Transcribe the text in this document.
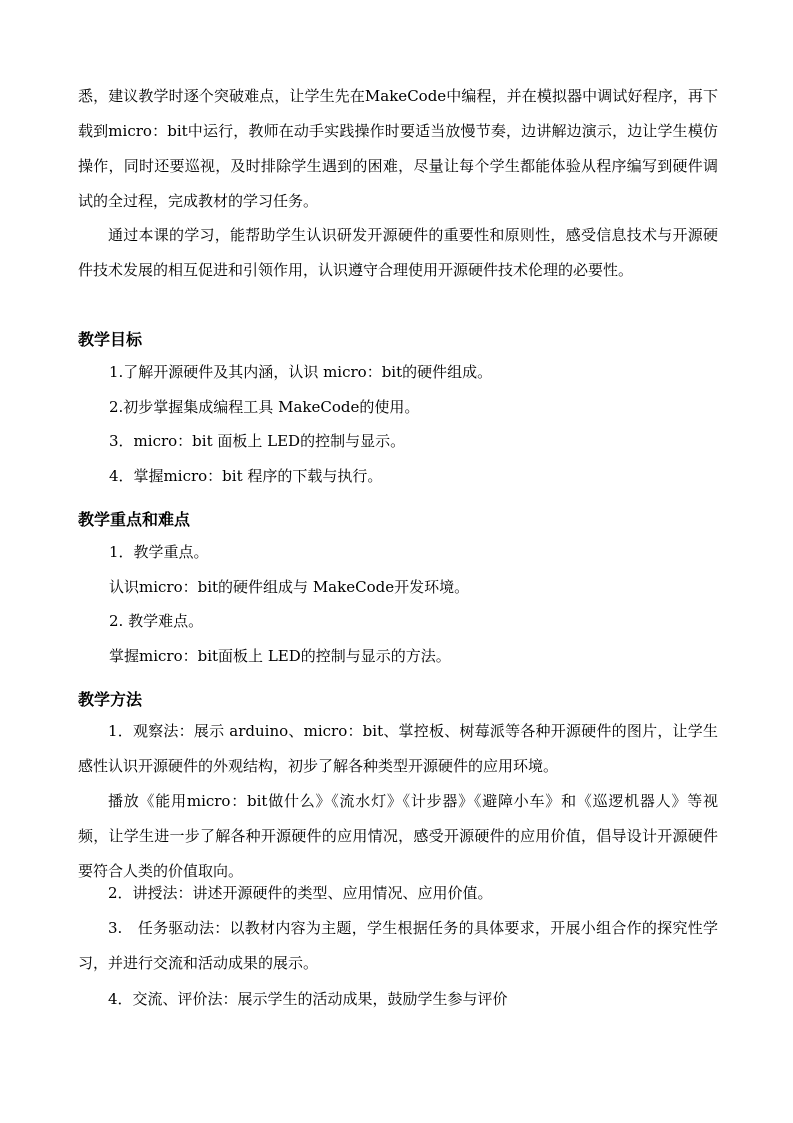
悉，建议教学时逐个突破难点，让学生先在MakeCode中编程，并在模拟器中调试好程序，再下载到micro：bit中运行，教师在动手实践操作时要适当放慢节奏，边讲解边演示，边让学生模仿操作，同时还要巡视，及时排除学生遇到的困难，尽量让每个学生都能体验从程序编写到硬件调试的全过程，完成教材的学习任务。

通过本课的学习，能帮助学生认识研发开源硬件的重要性和原则性，感受信息技术与开源硬件技术发展的相互促进和引领作用，认识遵守合理使用开源硬件技术伦理的必要性。

教学目标

1.了解开源硬件及其内涵，认识 micro：bit的硬件组成。

2.初步掌握集成编程工具 MakeCode的使用。

3．micro：bit 面板上 LED的控制与显示。

4．掌握micro：bit 程序的下载与执行。

教学重点和难点

1．教学重点。

认识micro：bit的硬件组成与 MakeCode开发环境。

2. 教学难点。

掌握micro：bit面板上 LED的控制与显示的方法。

教学方法

1．观察法：展示 arduino、micro：bit、掌控板、树莓派等各种开源硬件的图片，让学生感性认识开源硬件的外观结构，初步了解各种类型开源硬件的应用环境。

播放《能用micro：bit做什么》《流水灯》《计步器》《避障小车》和《巡逻机器人》等视频，让学生进一步了解各种开源硬件的应用情况，感受开源硬件的应用价值，倡导设计开源硬件要符合人类的价值取向。

2．讲授法：讲述开源硬件的类型、应用情况、应用价值。

3.　任务驱动法：以教材内容为主题，学生根据任务的具体要求，开展小组合作的探究性学习，并进行交流和活动成果的展示。

4．交流、评价法：展示学生的活动成果，鼓励学生参与评价
